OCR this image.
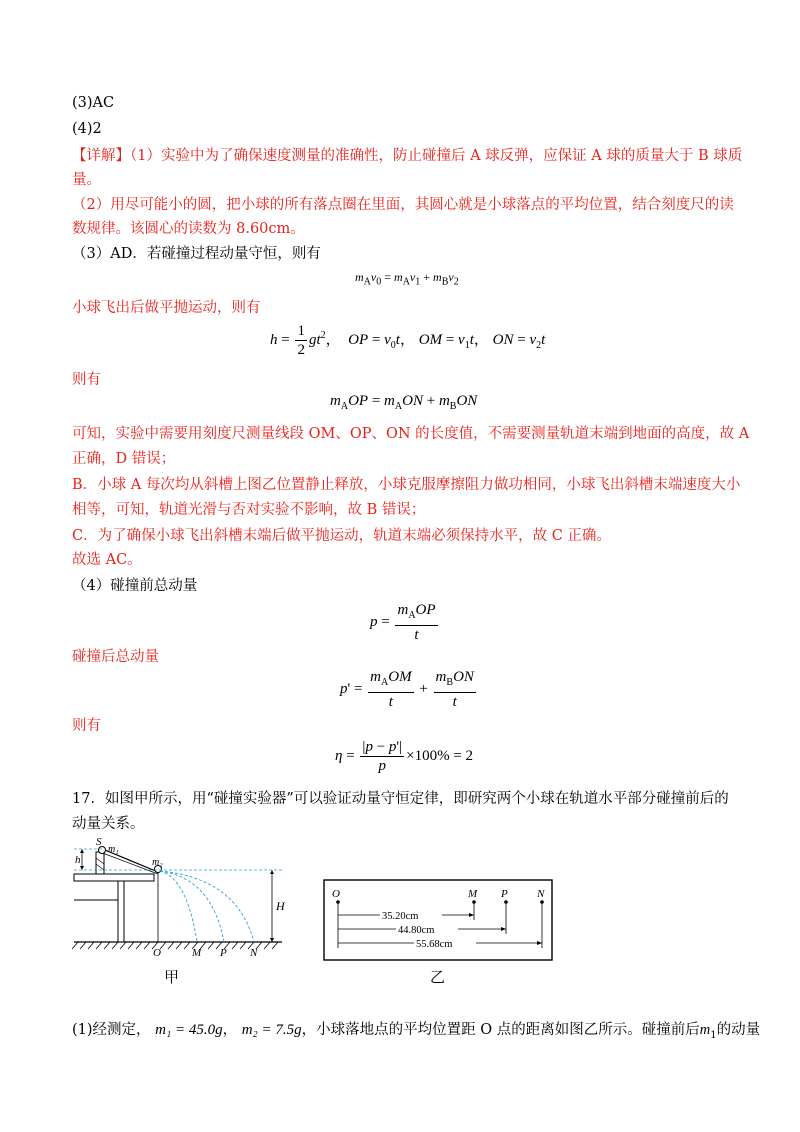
(3)AC
(4)2
【详解】（1）实验中为了确保速度测量的准确性，防止碰撞后 A 球反弹，应保证 A 球的质量大于 B 球质
量。
（2）用尽可能小的圆，把小球的所有落点圈在里面，其圆心就是小球落点的平均位置，结合刻度尺的读
数规律。该圆心的读数为 8.60cm。
（3）AD．若碰撞过程动量守恒，则有
$m_Av_0 = m_Av_1 + m_Bv_2$
小球飞出后做平抛运动，则有
$h = \frac{1}{2} gt^2$，  OP = $v_0t$， OM = $v_1t$， ON = $v_2t$
则有
$m_AOP = m_AON + m_BON$
可知，实验中需要用刻度尺测量线段 OM、OP、ON 的长度值，不需要测量轨道末端到地面的高度，故 A
正确，D 错误；
B．小球 A 每次均从斜槽上图乙位置静止释放，小球克服摩擦阻力做功相同，小球飞出斜槽末端速度大小
相等，可知，轨道光滑与否对实验不影响，故 B 错误；
C．为了确保小球飞出斜槽末端后做平抛运动，轨道末端必须保持水平，故 C 正确。
故选 AC。
（4）碰撞前总动量
$p = \frac{m_AOP}{t}$
碰撞后总动量
$p' = \frac{m_AOM}{t} + \frac{m_BON}{t}$
则有
$\eta = \frac{|p - p'|}{p} \times 100\% = 2$
17．如图甲所示，用“碰撞实验器”可以验证动量守恒定律，即研究两个小球在轨道水平部分碰撞前后的
动量关系。
S
m₁
m₂
h
H
O	M P N
甲
O	M P	N
35.20cm
44.80cm
55.68cm
乙
(1)经测定， m₁ = 45.0g， m₂ = 7.5g，小球落地点的平均位置距 O 点的距离如图乙所示。碰撞前后$m_1$的动量
